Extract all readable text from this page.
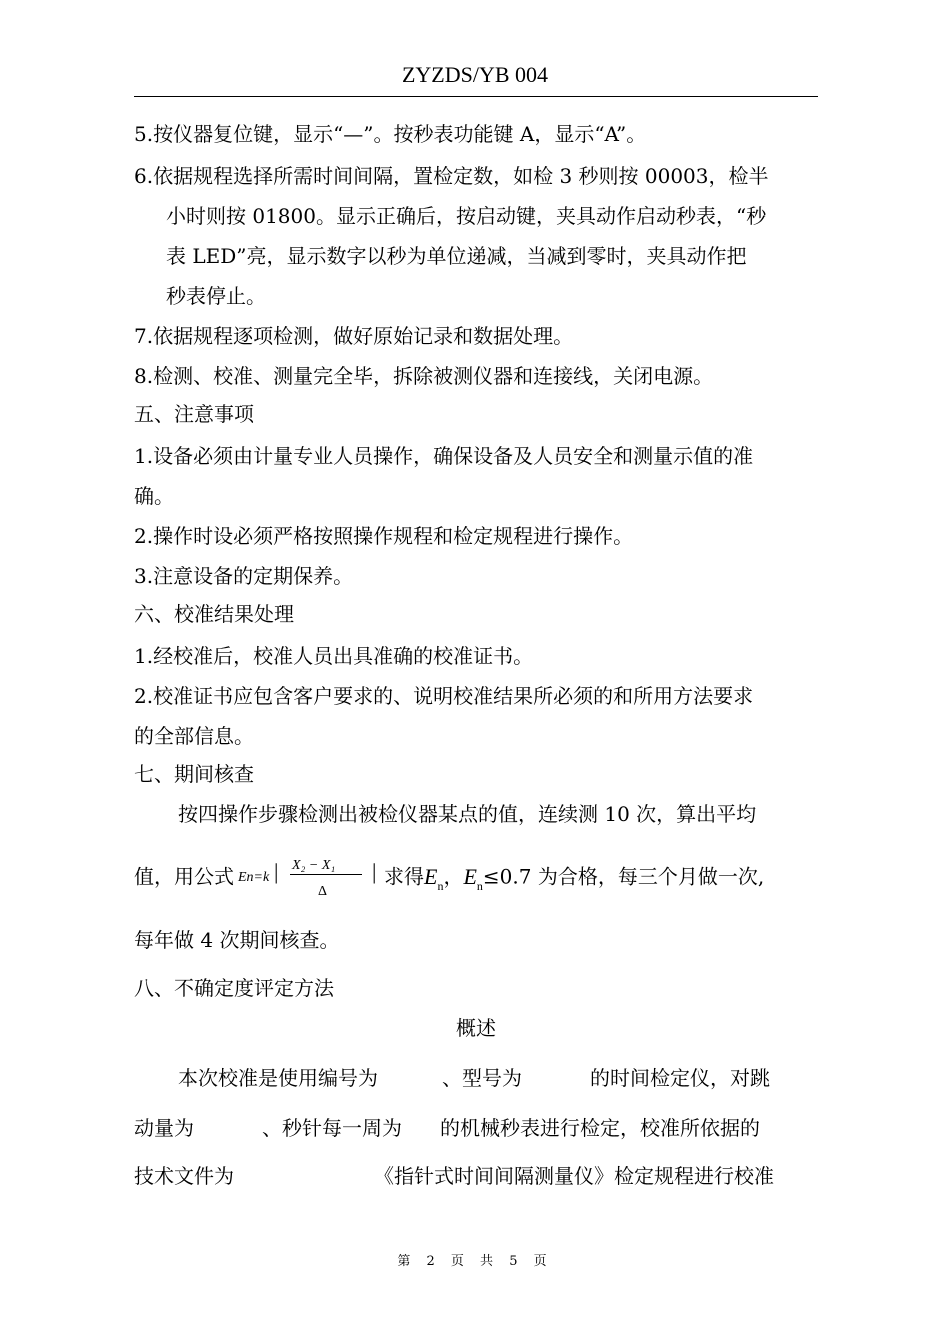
ZYZDS/YB 004
5.按仪器复位键，显示“—”。按秒表功能键 A，显示“A”。
6.依据规程选择所需时间间隔，置检定数，如检 3 秒则按 00003，检半
小时则按 01800。显示正确后，按启动键，夹具动作启动秒表，“秒
表 LED”亮，显示数字以秒为单位递减，当减到零时，夹具动作把
秒表停止。
7.依据规程逐项检测，做好原始记录和数据处理。
8.检测、校准、测量完全毕，拆除被测仪器和连接线，关闭电源。
五、注意事项
1.设备必须由计量专业人员操作，确保设备及人员安全和测量示值的准
确。
2.操作时设必须严格按照操作规程和检定规程进行操作。
3.注意设备的定期保养。
六、校准结果处理
1.经校准后，校准人员出具准确的校准证书。
2.校准证书应包含客户要求的、说明校准结果所必须的和所用方法要求
的全部信息。
七、期间核查
按四操作步骤检测出被检仪器某点的值，连续测 10 次，算出平均
值，用公式 En=k | X₂ − X₁
Δ
| 求得$E_n$，$E_n\le 0.7$ 为合格，每三个月做一次,
每年做 4 次期间核查。
八、不确定度评定方法
概述
本次校准是使用编号为	、型号为	的时间检定仪，对跳
动量为	、秒针每一周为 的机械秒表进行检定，校准所依据的
技术文件为	《指针式时间间隔测量仪》检定规程进行校准
第 2 页 共 5 页
